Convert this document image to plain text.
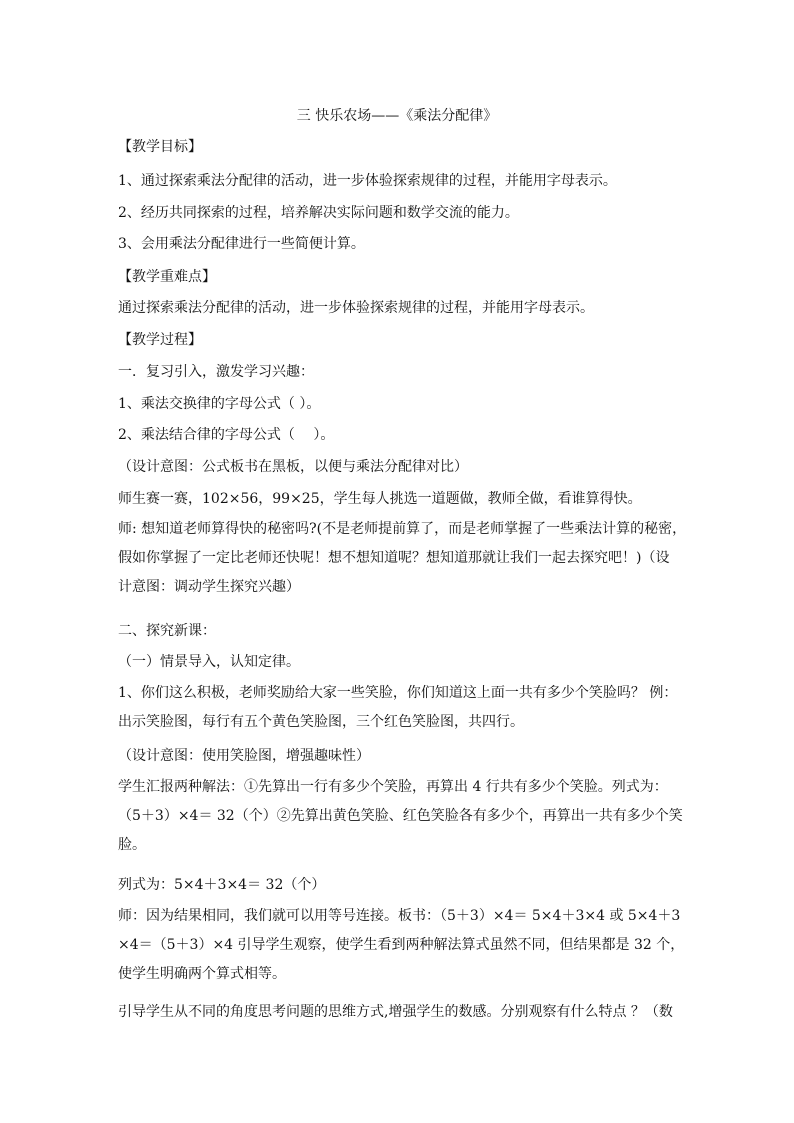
三 快乐农场——《乘法分配律》
【教学目标】
1、通过探索乘法分配律的活动，进一步体验探索规律的过程，并能用字母表示。
2、经历共同探索的过程，培养解决实际问题和数学交流的能力。
3、会用乘法分配律进行一些简便计算。
【教学重难点】
通过探索乘法分配律的活动，进一步体验探索规律的过程，并能用字母表示。
【教学过程】
一．复习引入，激发学习兴趣：
1、乘法交换律的字母公式（ ）。
2、乘法结合律的字母公式（　 ）。
（设计意图：公式板书在黑板，以便与乘法分配律对比）
师生赛一赛，102×56，99×25，学生每人挑选一道题做，教师全做，看谁算得快。
师: 想知道老师算得快的秘密吗?(不是老师提前算了，而是老师掌握了一些乘法计算的秘密，
假如你掌握了一定比老师还快呢！想不想知道呢？想知道那就让我们一起去探究吧！)（设
计意图：调动学生探究兴趣）
二、探究新课：
（一）情景导入，认知定律。
1、你们这么积极，老师奖励给大家一些笑脸，你们知道这上面一共有多少个笑脸吗？ 例：
出示笑脸图，每行有五个黄色笑脸图，三个红色笑脸图，共四行。
（设计意图：使用笑脸图，增强趣味性）
学生汇报两种解法：①先算出一行有多少个笑脸，再算出 4 行共有多少个笑脸。列式为：
（5＋3）×4＝ 32（个）②先算出黄色笑脸、红色笑脸各有多少个，再算出一共有多少个笑
脸。
列式为：5×4＋3×4＝ 32（个）
师：因为结果相同，我们就可以用等号连接。板书：（5＋3）×4＝ 5×4＋3×4 或 5×4＋3
×4＝（5＋3）×4 引导学生观察，使学生看到两种解法算式虽然不同，但结果都是 32 个，
使学生明确两个算式相等。
引导学生从不同的角度思考问题的思维方式,增强学生的数感。分别观察有什么特点 ？（数
